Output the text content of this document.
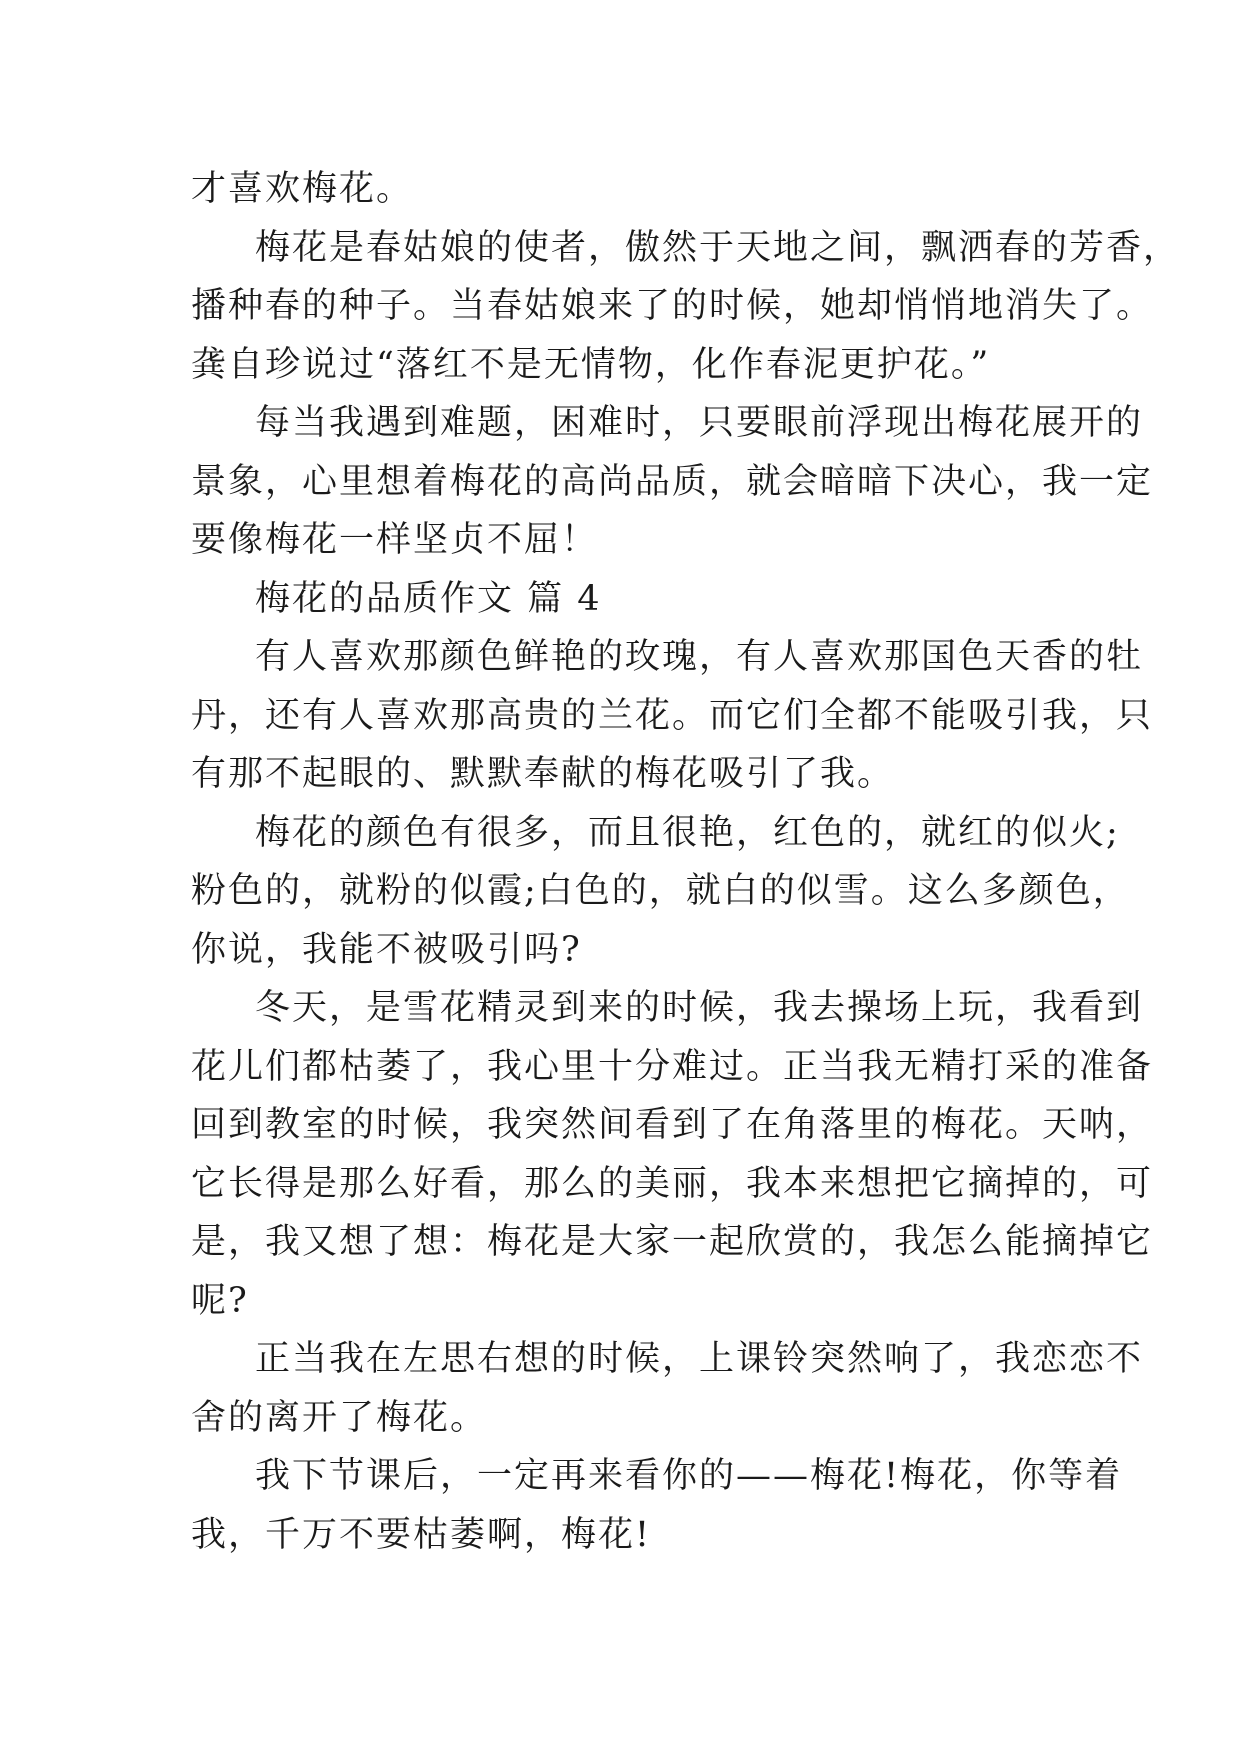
才喜欢梅花。

梅花是春姑娘的使者，傲然于天地之间，飘洒春的芳香，
播种春的种子。当春姑娘来了的时候，她却悄悄地消失了。
龚自珍说过“落红不是无情物，化作春泥更护花。”

每当我遇到难题，困难时，只要眼前浮现出梅花展开的
景象，心里想着梅花的高尚品质，就会暗暗下决心，我一定
要像梅花一样坚贞不屈！

梅花的品质作文 篇 4

有人喜欢那颜色鲜艳的玫瑰，有人喜欢那国色天香的牡
丹，还有人喜欢那高贵的兰花。而它们全都不能吸引我，只
有那不起眼的、默默奉献的梅花吸引了我。

梅花的颜色有很多，而且很艳，红色的，就红的似火;
粉色的，就粉的似霞;白色的，就白的似雪。这么多颜色，
你说，我能不被吸引吗?

冬天，是雪花精灵到来的时候，我去操场上玩，我看到
花儿们都枯萎了，我心里十分难过。正当我无精打采的准备
回到教室的时候，我突然间看到了在角落里的梅花。天呐，
它长得是那么好看，那么的美丽，我本来想把它摘掉的，可
是，我又想了想：梅花是大家一起欣赏的，我怎么能摘掉它
呢?

正当我在左思右想的时候，上课铃突然响了，我恋恋不
舍的离开了梅花。

我下节课后，一定再来看你的——梅花!梅花，你等着
我，千万不要枯萎啊，梅花!
